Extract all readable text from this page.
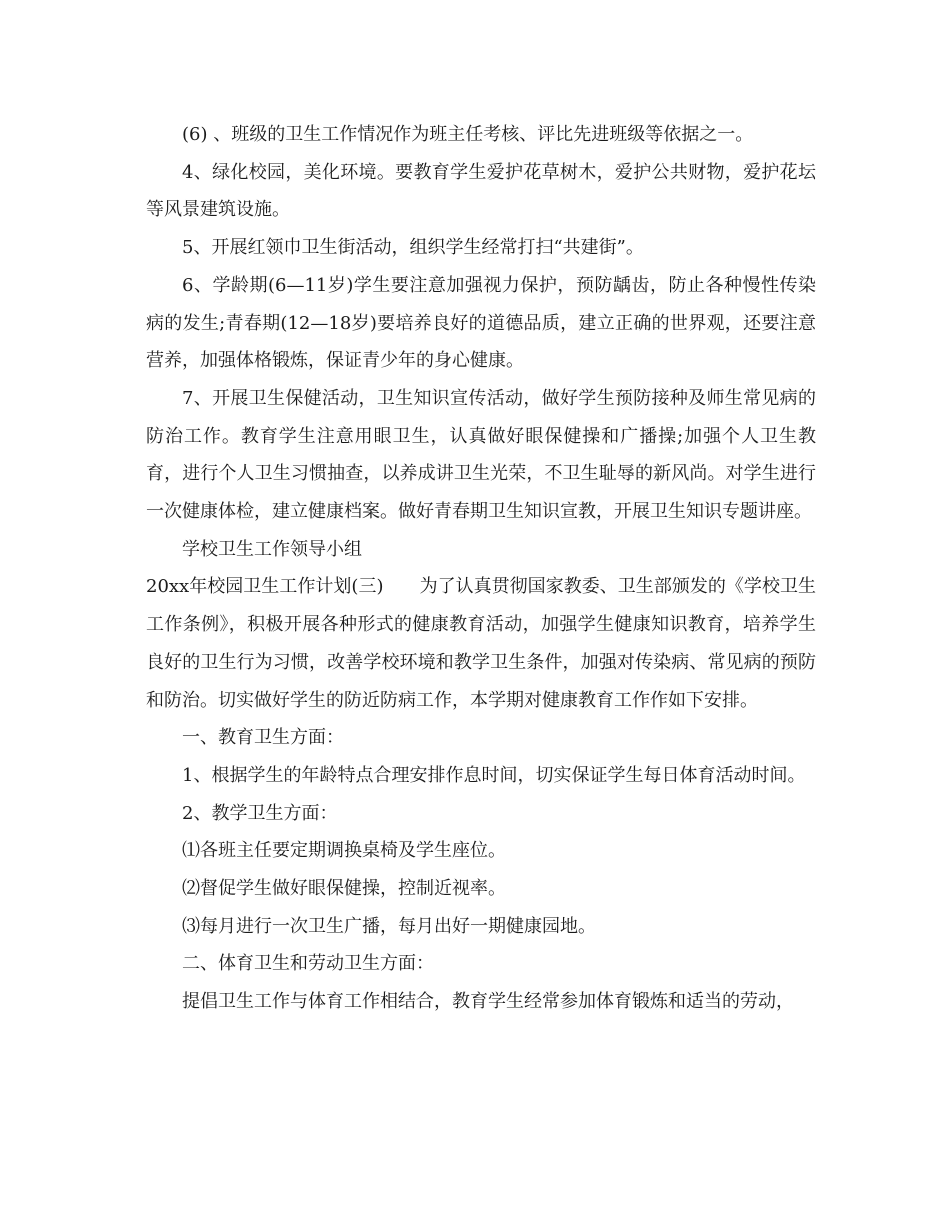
(6) 、班级的卫生工作情况作为班主任考核、评比先进班级等依据之一。

4、绿化校园，美化环境。要教育学生爱护花草树木，爱护公共财物，爱护花坛等风景建筑设施。

5、开展红领巾卫生街活动，组织学生经常打扫“共建街”。

6、学龄期(6—11岁)学生要注意加强视力保护，预防龋齿，防止各种慢性传染病的发生;青春期(12—18岁)要培养良好的道德品质，建立正确的世界观，还要注意营养，加强体格锻炼，保证青少年的身心健康。

7、开展卫生保健活动，卫生知识宣传活动，做好学生预防接种及师生常见病的防治工作。教育学生注意用眼卫生，认真做好眼保健操和广播操;加强个人卫生教育，进行个人卫生习惯抽查，以养成讲卫生光荣，不卫生耻辱的新风尚。对学生进行一次健康体检，建立健康档案。做好青春期卫生知识宣教，开展卫生知识专题讲座。

学校卫生工作领导小组

20xx年校园卫生工作计划(三)　　为了认真贯彻国家教委、卫生部颁发的《学校卫生工作条例》，积极开展各种形式的健康教育活动，加强学生健康知识教育，培养学生良好的卫生行为习惯，改善学校环境和教学卫生条件，加强对传染病、常见病的预防和防治。切实做好学生的防近防病工作，本学期对健康教育工作作如下安排。

一、教育卫生方面：

1、根据学生的年龄特点合理安排作息时间，切实保证学生每日体育活动时间。

2、教学卫生方面：

⑴各班主任要定期调换桌椅及学生座位。

⑵督促学生做好眼保健操，控制近视率。

⑶每月进行一次卫生广播，每月出好一期健康园地。

二、体育卫生和劳动卫生方面：

提倡卫生工作与体育工作相结合，教育学生经常参加体育锻炼和适当的劳动，
